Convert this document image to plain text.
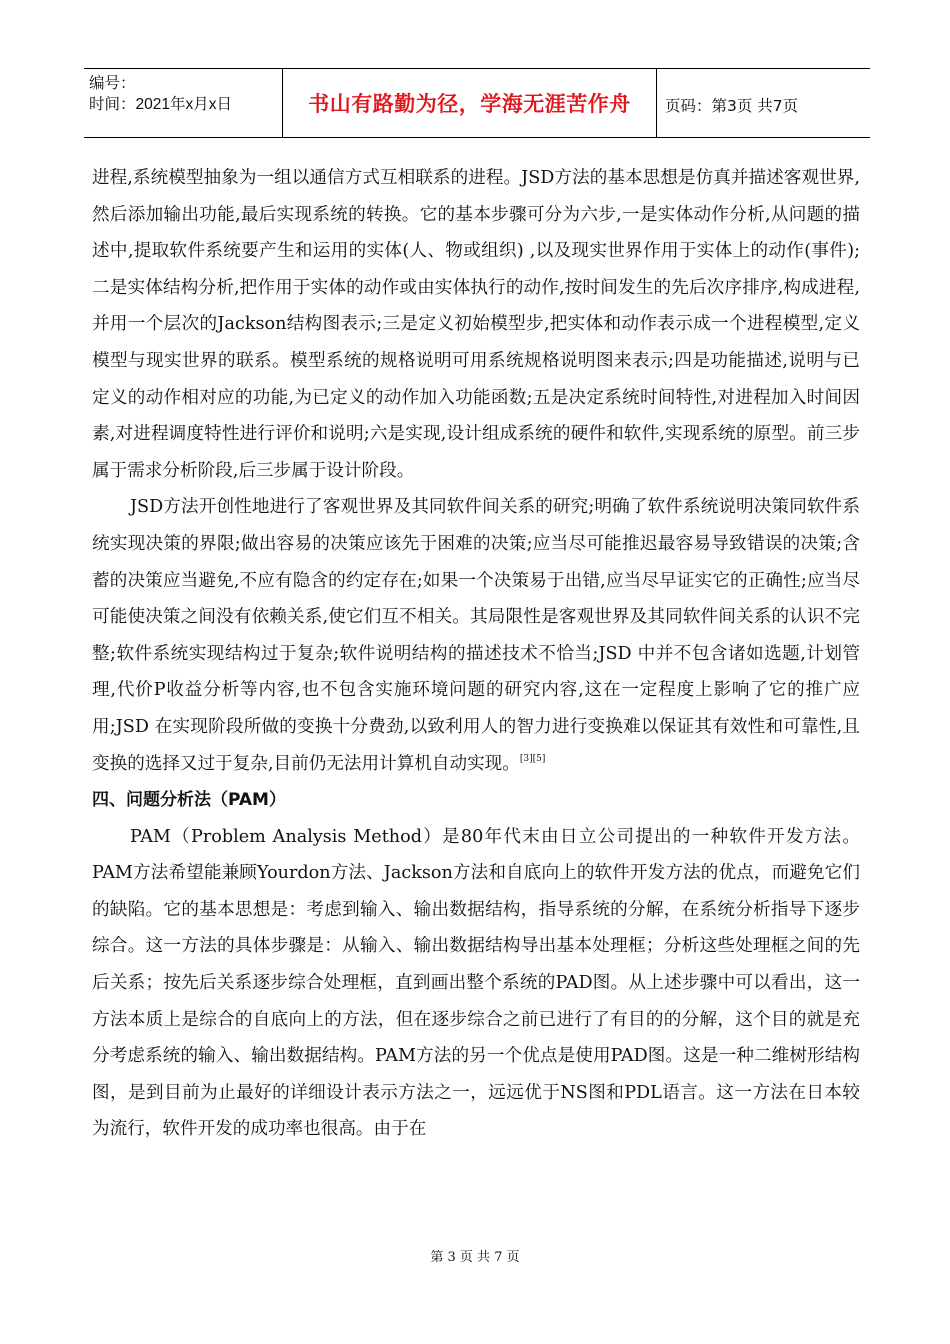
编号：
时间：2021年x月x日	书山有路勤为径，学海无涯苦作舟	页码：第3页 共7页

进程,系统模型抽象为一组以通信方式互相联系的进程。JSD方法的基本思想是仿真并描述客观世界,然后添加输出功能,最后实现系统的转换。它的基本步骤可分为六步,一是实体动作分析,从问题的描述中,提取软件系统要产生和运用的实体(人、物或组织) ,以及现实世界作用于实体上的动作(事件);二是实体结构分析,把作用于实体的动作或由实体执行的动作,按时间发生的先后次序排序,构成进程,并用一个层次的Jackson结构图表示;三是定义初始模型步,把实体和动作表示成一个进程模型,定义模型与现实世界的联系。模型系统的规格说明可用系统规格说明图来表示;四是功能描述,说明与已定义的动作相对应的功能,为已定义的动作加入功能函数;五是决定系统时间特性,对进程加入时间因素,对进程调度特性进行评价和说明;六是实现,设计组成系统的硬件和软件,实现系统的原型。前三步属于需求分析阶段,后三步属于设计阶段。

JSD方法开创性地进行了客观世界及其同软件间关系的研究;明确了软件系统说明决策同软件系统实现决策的界限;做出容易的决策应该先于困难的决策;应当尽可能推迟最容易导致错误的决策;含蓄的决策应当避免,不应有隐含的约定存在;如果一个决策易于出错,应当尽早证实它的正确性;应当尽可能使决策之间没有依赖关系,使它们互不相关。其局限性是客观世界及其同软件间关系的认识不完整;软件系统实现结构过于复杂;软件说明结构的描述技术不恰当;JSD 中并不包含诸如选题,计划管理,代价P收益分析等内容,也不包含实施环境问题的研究内容,这在一定程度上影响了它的推广应用;JSD 在实现阶段所做的变换十分费劲,以致利用人的智力进行变换难以保证其有效性和可靠性,且变换的选择又过于复杂,目前仍无法用计算机自动实现。[3][5]

四、问题分析法（PAM）

PAM（Problem Analysis Method）是80年代末由日立公司提出的一种软件开发方法。PAM方法希望能兼顾Yourdon方法、Jackson方法和自底向上的软件开发方法的优点，而避免它们的缺陷。它的基本思想是：考虑到输入、输出数据结构，指导系统的分解，在系统分析指导下逐步综合。这一方法的具体步骤是：从输入、输出数据结构导出基本处理框；分析这些处理框之间的先后关系；按先后关系逐步综合处理框，直到画出整个系统的PAD图。从上述步骤中可以看出，这一方法本质上是综合的自底向上的方法，但在逐步综合之前已进行了有目的的分解，这个目的就是充分考虑系统的输入、输出数据结构。PAM方法的另一个优点是使用PAD图。这是一种二维树形结构图，是到目前为止最好的详细设计表示方法之一，远远优于NS图和PDL语言。这一方法在日本较为流行，软件开发的成功率也很高。由于在

第 3 页 共 7 页
